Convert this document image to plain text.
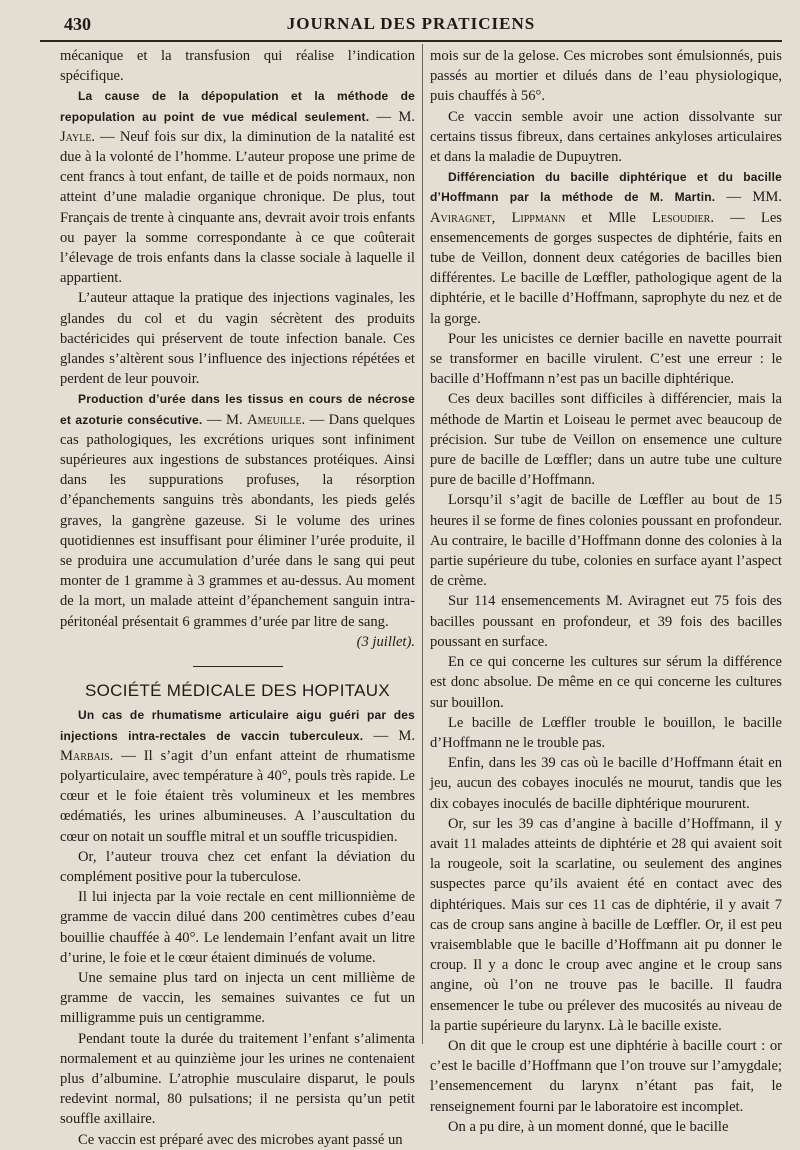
430	JOURNAL DES PRATICIENS

mécanique et la transfusion qui réalise l’indication spécifique.

La cause de la dépopulation et la méthode de repopulation au point de vue médical seulement. — M. Jayle. — Neuf fois sur dix, la diminution de la natalité est due à la volonté de l’homme. L’auteur propose une prime de cent francs à tout enfant, de taille et de poids normaux, non atteint d’une maladie organique chronique. De plus, tout Français de trente à cinquante ans, devrait avoir trois enfants ou payer la somme correspondante à ce que coûterait l’élevage de trois enfants dans la classe sociale à laquelle il appartient.

L’auteur attaque la pratique des injections vaginales, les glandes du col et du vagin sécrètent des produits bactéricides qui préservent de toute infection banale. Ces glandes s’altèrent sous l’influence des injections répétées et perdent de leur pouvoir.

Production d’urée dans les tissus en cours de nécrose et azoturie consécutive. — M. Ameuille. — Dans quelques cas pathologiques, les excrétions uriques sont infiniment supérieures aux ingestions de substances protéiques. Ainsi dans les suppurations profuses, la résorption d’épanchements sanguins très abondants, les pieds gelés graves, la gangrène gazeuse. Si le volume des urines quotidiennes est insuffisant pour éliminer l’urée produite, il se produira une accumulation d’urée dans le sang qui peut monter de 1 gramme à 3 grammes et au-dessus. Au moment de la mort, un malade atteint d’épanchement sanguin intra-péritonéal présentait 6 grammes d’urée par litre de sang.

(3 juillet).

SOCIÉTÉ MÉDICALE DES HOPITAUX

Un cas de rhumatisme articulaire aigu guéri par des injections intra-rectales de vaccin tuberculeux. — M. Marbais. — Il s’agit d’un enfant atteint de rhumatisme polyarticulaire, avec température à 40°, pouls très rapide. Le cœur et le foie étaient très volumineux et les membres œdématiés, les urines albumineuses. A l’auscultation du cœur on notait un souffle mitral et un souffle tricuspidien.

Or, l’auteur trouva chez cet enfant la déviation du complément positive pour la tuberculose.

Il lui injecta par la voie rectale en cent millionnième de gramme de vaccin dilué dans 200 centimètres cubes d’eau bouillie chauffée à 40°. Le lendemain l’enfant avait un litre d’urine, le foie et le cœur étaient diminués de volume.

Une semaine plus tard on injecta un cent millième de gramme de vaccin, les semaines suivantes ce fut un milligramme puis un centigramme.

Pendant toute la durée du traitement l’enfant s’alimenta normalement et au quinzième jour les urines ne contenaient plus d’albumine. L’atrophie musculaire disparut, le pouls redevint normal, 80 pulsations; il ne persista qu’un petit souffle axillaire.

Ce vaccin est préparé avec des microbes ayant passé un

mois sur de la gelose. Ces microbes sont émulsionnés, puis passés au mortier et dilués dans de l’eau physiologique, puis chauffés à 56°.

Ce vaccin semble avoir une action dissolvante sur certains tissus fibreux, dans certaines ankyloses articulaires et dans la maladie de Dupuytren.

Différenciation du bacille diphtérique et du bacille d’Hoffmann par la méthode de M. Martin. — MM. Aviragnet, Lippmann et Mlle Lesoudier. — Les ensemencements de gorges suspectes de diphtérie, faits en tube de Veillon, donnent deux catégories de bacilles bien différentes. Le bacille de Lœffler, pathologique agent de la diphtérie, et le bacille d’Hoffmann, saprophyte du nez et de la gorge.

Pour les unicistes ce dernier bacille en navette pourrait se transformer en bacille virulent. C’est une erreur : le bacille d’Hoffmann n’est pas un bacille diphtérique.

Ces deux bacilles sont difficiles à différencier, mais la méthode de Martin et Loiseau le permet avec beaucoup de précision. Sur tube de Veillon on ensemence une culture pure de bacille de Lœffler; dans un autre tube une culture pure de bacille d’Hoffmann.

Lorsqu’il s’agit de bacille de Lœffler au bout de 15 heures il se forme de fines colonies poussant en profondeur. Au contraire, le bacille d’Hoffmann donne des colonies à la partie supérieure du tube, colonies en surface ayant l’aspect de crème.

Sur 114 ensemencements M. Aviragnet eut 75 fois des bacilles poussant en profondeur, et 39 fois des bacilles poussant en surface.

En ce qui concerne les cultures sur sérum la différence est donc absolue. De même en ce qui concerne les cultures sur bouillon.

Le bacille de Lœffler trouble le bouillon, le bacille d’Hoffmann ne le trouble pas.

Enfin, dans les 39 cas où le bacille d’Hoffmann était en jeu, aucun des cobayes inoculés ne mourut, tandis que les dix cobayes inoculés de bacille diphtérique moururent.

Or, sur les 39 cas d’angine à bacille d’Hoffmann, il y avait 11 malades atteints de diphtérie et 28 qui avaient soit la rougeole, soit la scarlatine, ou seulement des angines suspectes parce qu’ils avaient été en contact avec des diphtériques. Mais sur ces 11 cas de diphtérie, il y avait 7 cas de croup sans angine à bacille de Lœffler. Or, il est peu vraisemblable que le bacille d’Hoffmann ait pu donner le croup. Il y a donc le croup avec angine et le croup sans angine, où l’on ne trouve pas le bacille. Il faudra ensemencer le tube ou prélever des mucosités au niveau de la partie supérieure du larynx. Là le bacille existe.

On dit que le croup est une diphtérie à bacille court : or c’est le bacille d’Hoffmann que l’on trouve sur l’amygdale; l’ensemencement du larynx n’étant pas fait, le renseignement fourni par le laboratoire est incomplet.

On a pu dire, à un moment donné, que le bacille
